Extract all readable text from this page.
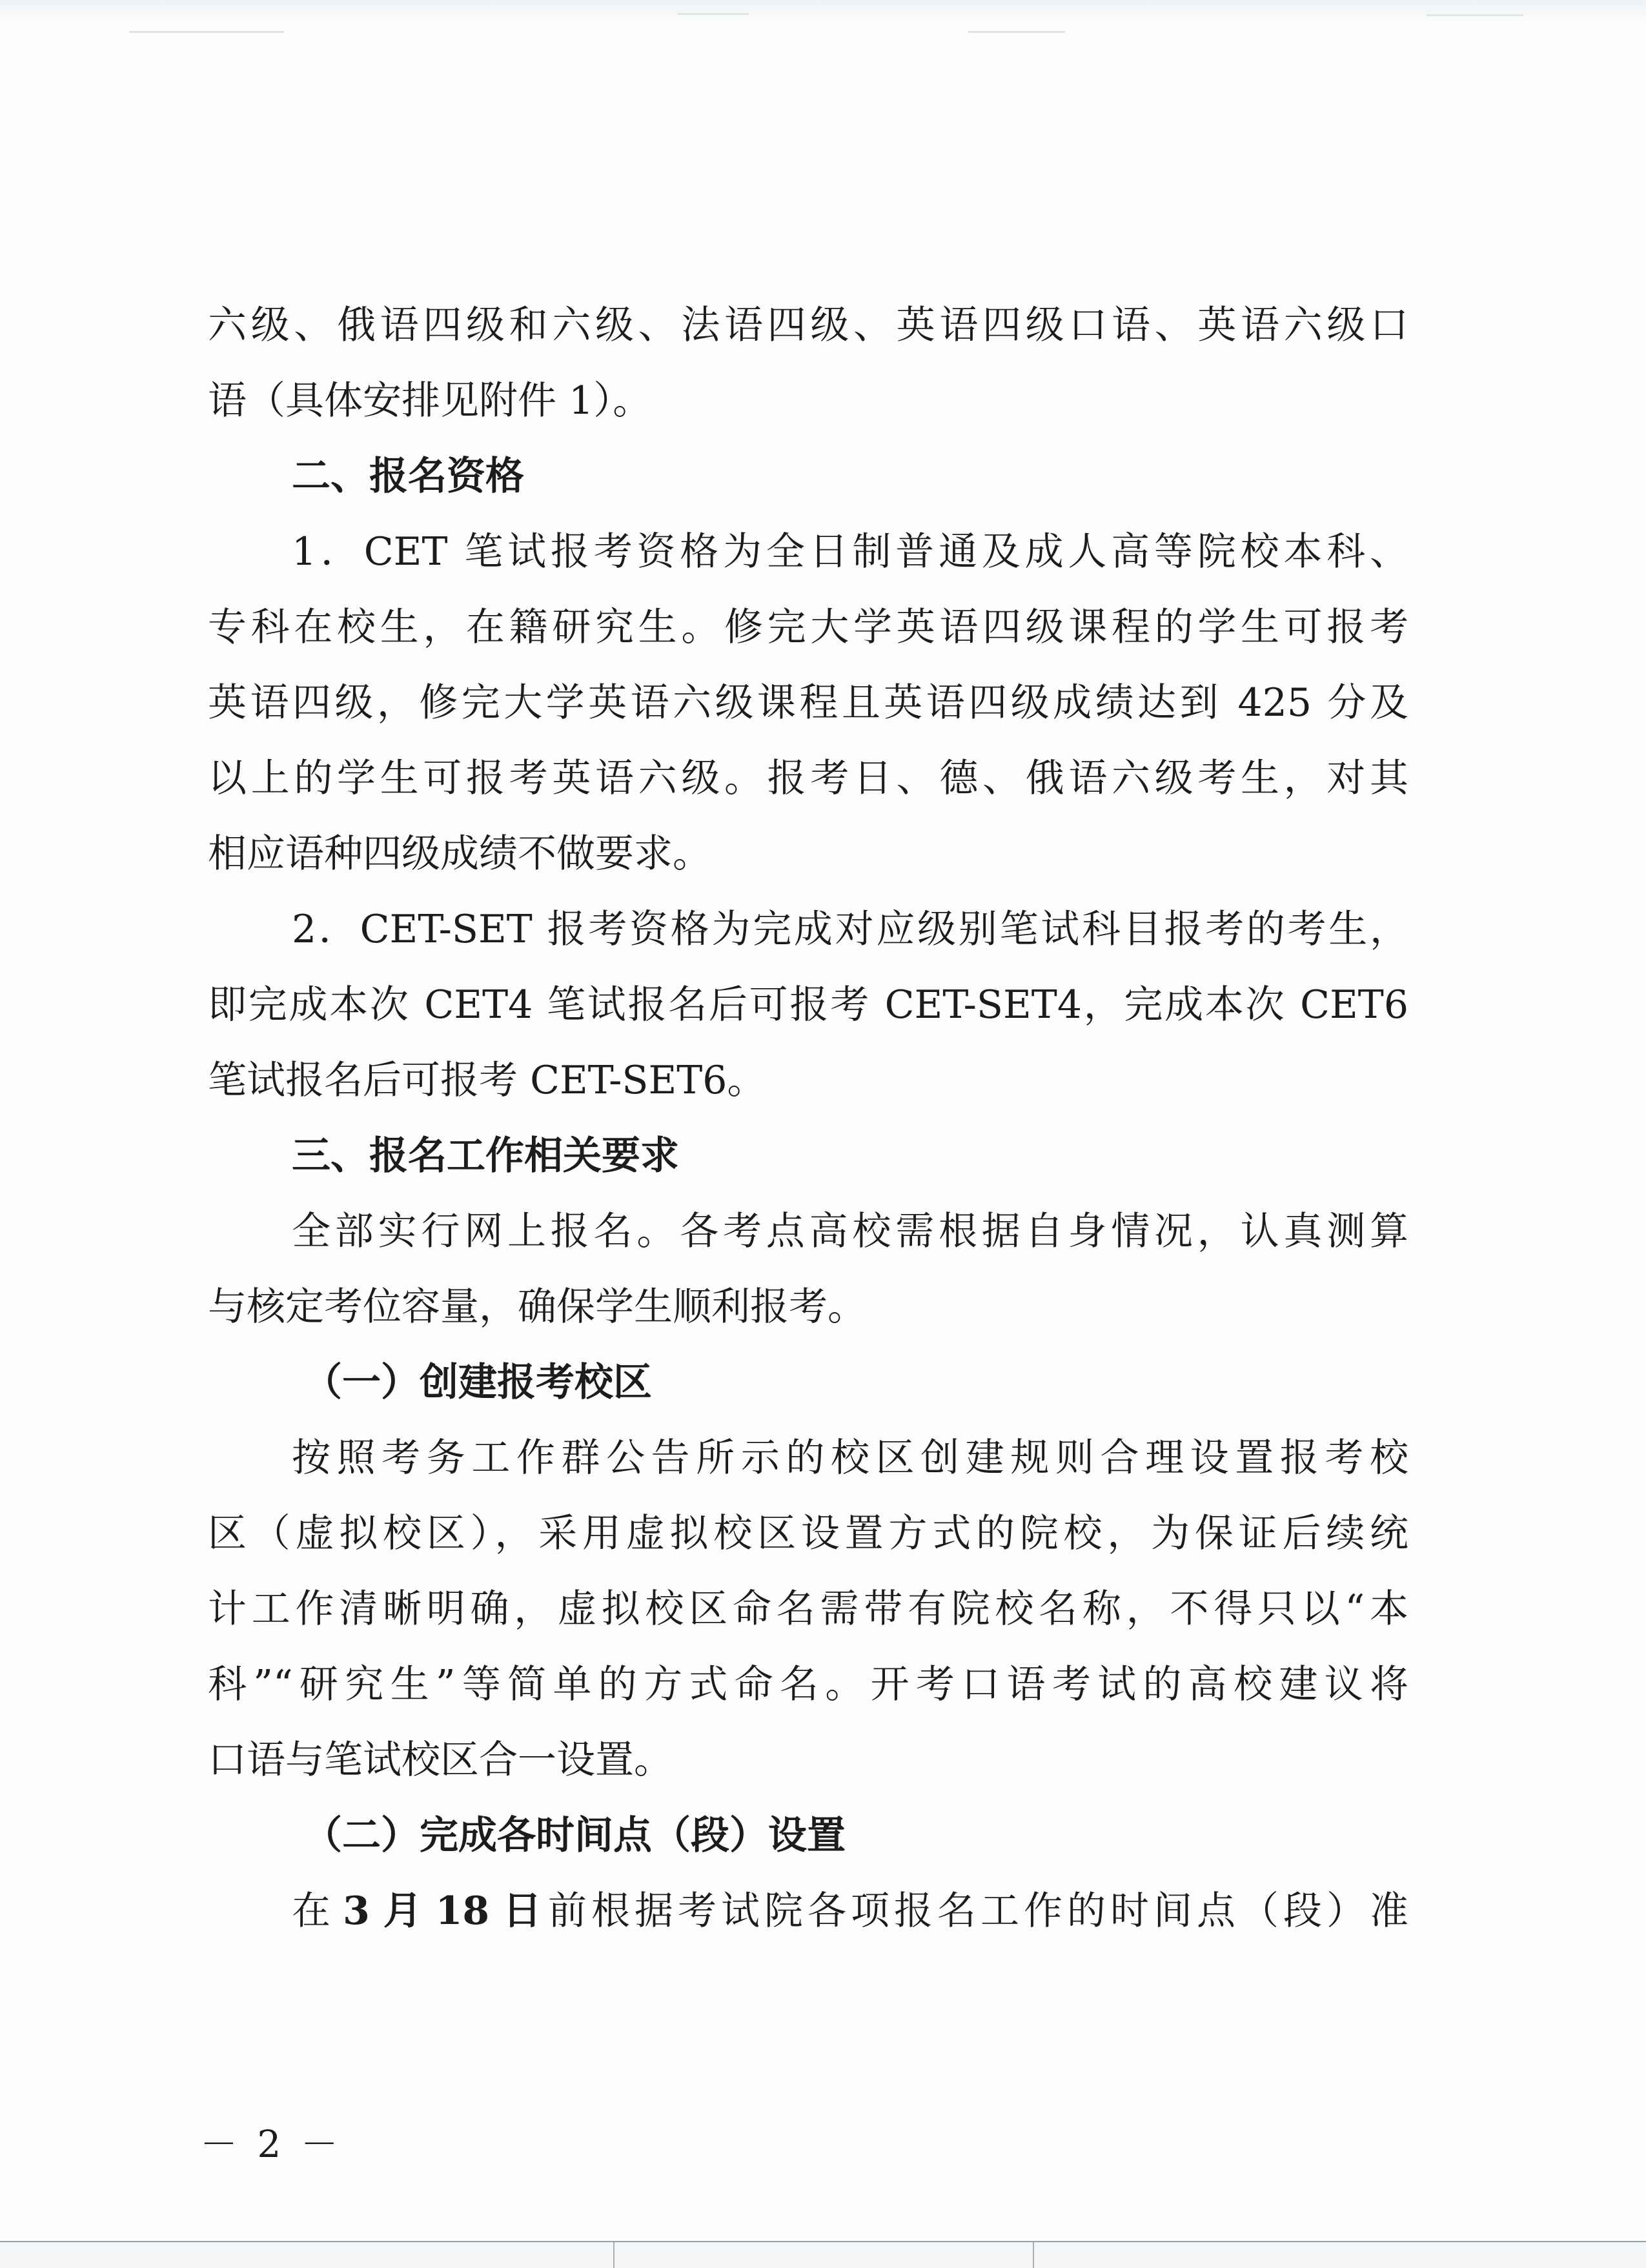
六级、俄语四级和六级、法语四级、英语四级口语、英语六级口
语（具体安排见附件 1）。
二、报名资格
1．CET 笔试报考资格为全日制普通及成人高等院校本科、
专科在校生，在籍研究生。修完大学英语四级课程的学生可报考
英语四级，修完大学英语六级课程且英语四级成绩达到 425 分及
以上的学生可报考英语六级。报考日、德、俄语六级考生，对其
相应语种四级成绩不做要求。
2．CET-SET 报考资格为完成对应级别笔试科目报考的考生，
即完成本次 CET4 笔试报名后可报考 CET-SET4，完成本次 CET6
笔试报名后可报考 CET-SET6。
三、报名工作相关要求
全部实行网上报名。各考点高校需根据自身情况，认真测算
与核定考位容量，确保学生顺利报考。
（一）创建报考校区
按照考务工作群公告所示的校区创建规则合理设置报考校
区（虚拟校区），采用虚拟校区设置方式的院校，为保证后续统
计工作清晰明确，虚拟校区命名需带有院校名称，不得只以“本
科”“研究生”等简单的方式命名。开考口语考试的高校建议将
口语与笔试校区合一设置。
（二）完成各时间点（段）设置
在 3 月 18 日 前根据考试院各项报名工作的时间点（段）准
－ 2 －
